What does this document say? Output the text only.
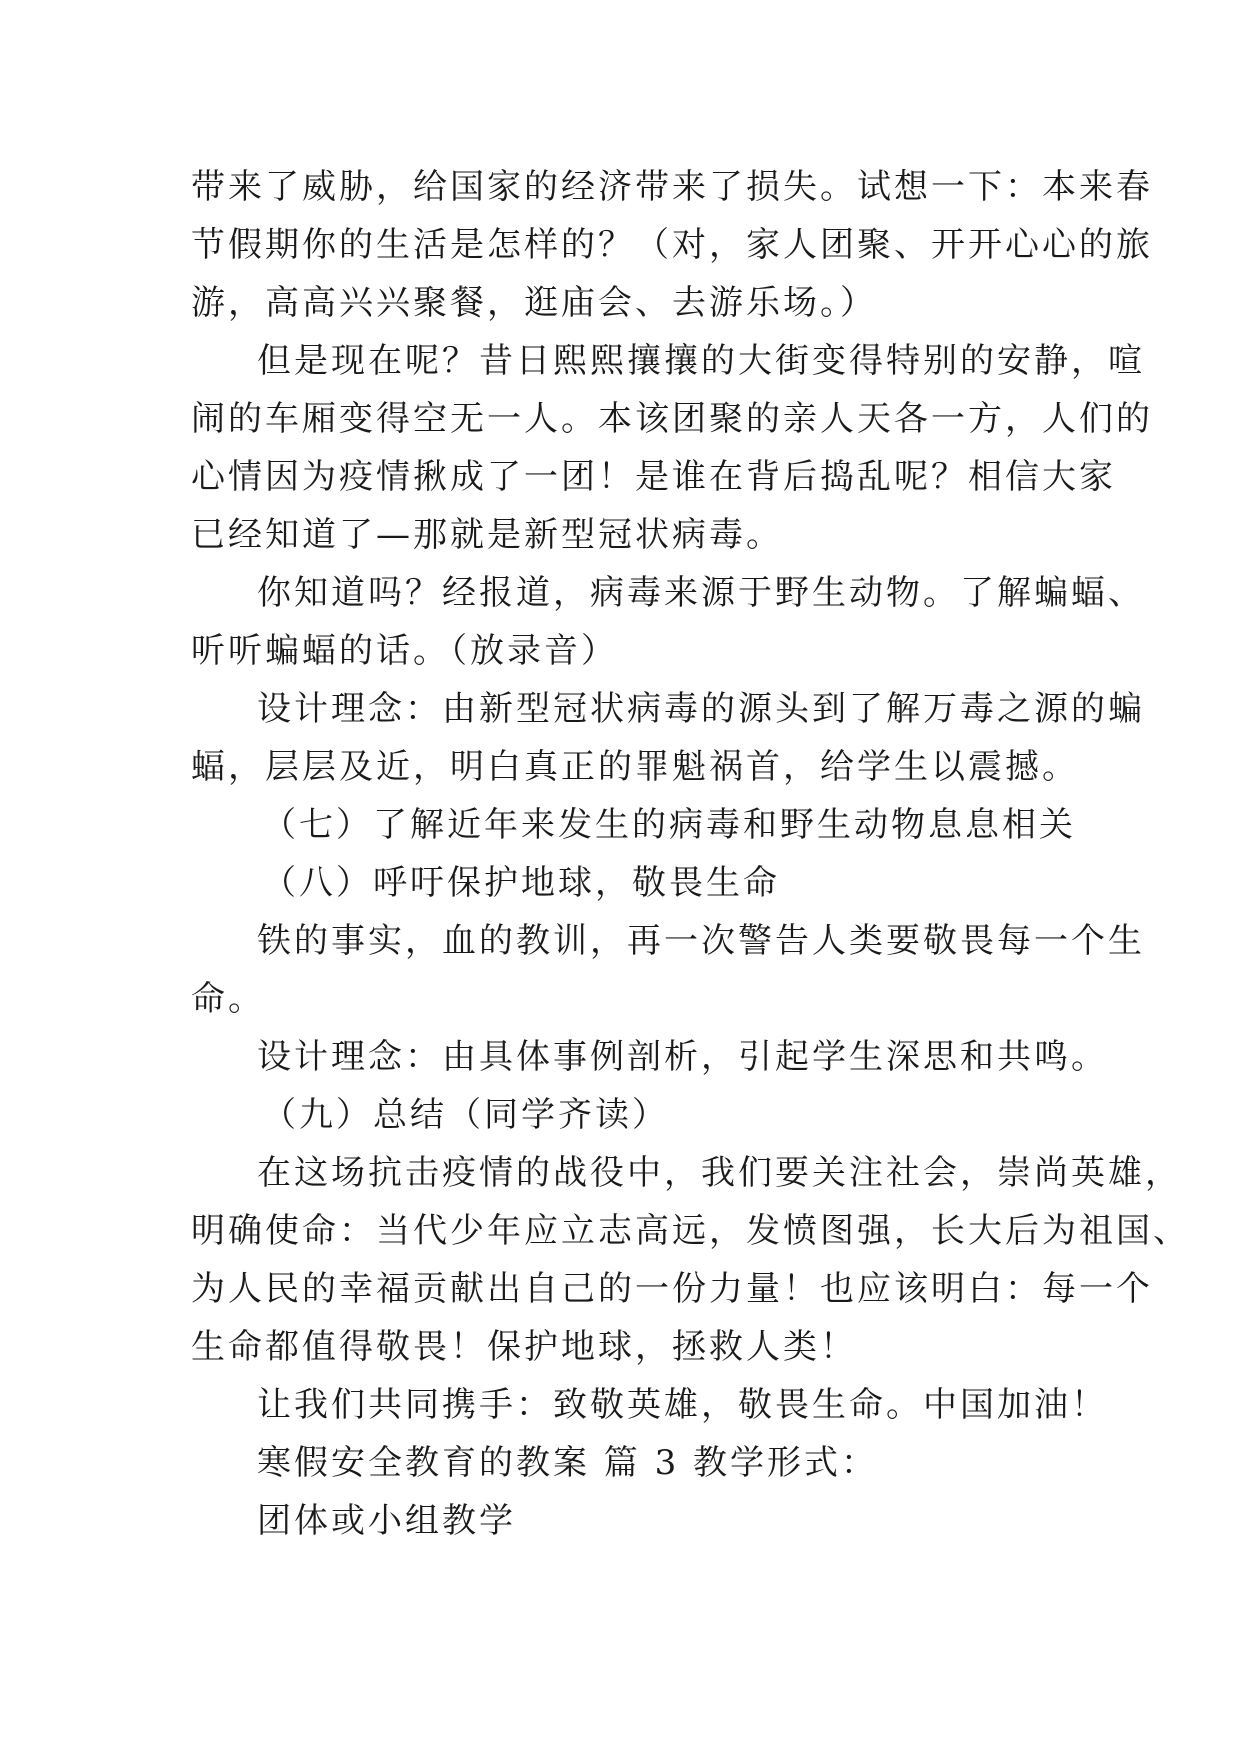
带来了威胁，给国家的经济带来了损失。试想一下：本来春
节假期你的生活是怎样的？（对，家人团聚、开开心心的旅
游，高高兴兴聚餐，逛庙会、去游乐场。）
但是现在呢？昔日熙熙攘攘的大街变得特别的安静，喧
闹的车厢变得空无一人。本该团聚的亲人天各一方，人们的
心情因为疫情揪成了一团！是谁在背后捣乱呢？相信大家
已经知道了—那就是新型冠状病毒。
你知道吗？经报道，病毒来源于野生动物。了解蝙蝠、
听听蝙蝠的话。（放录音）
设计理念：由新型冠状病毒的源头到了解万毒之源的蝙
蝠，层层及近，明白真正的罪魁祸首，给学生以震撼。
（七）了解近年来发生的病毒和野生动物息息相关
（八）呼吁保护地球，敬畏生命
铁的事实，血的教训，再一次警告人类要敬畏每一个生
命。
设计理念：由具体事例剖析，引起学生深思和共鸣。
（九）总结（同学齐读）
在这场抗击疫情的战役中，我们要关注社会，崇尚英雄，
明确使命：当代少年应立志高远，发愤图强，长大后为祖国、
为人民的幸福贡献出自己的一份力量！也应该明白：每一个
生命都值得敬畏！保护地球，拯救人类！
让我们共同携手：致敬英雄，敬畏生命。中国加油！
寒假安全教育的教案 篇 3 教学形式：
团体或小组教学
